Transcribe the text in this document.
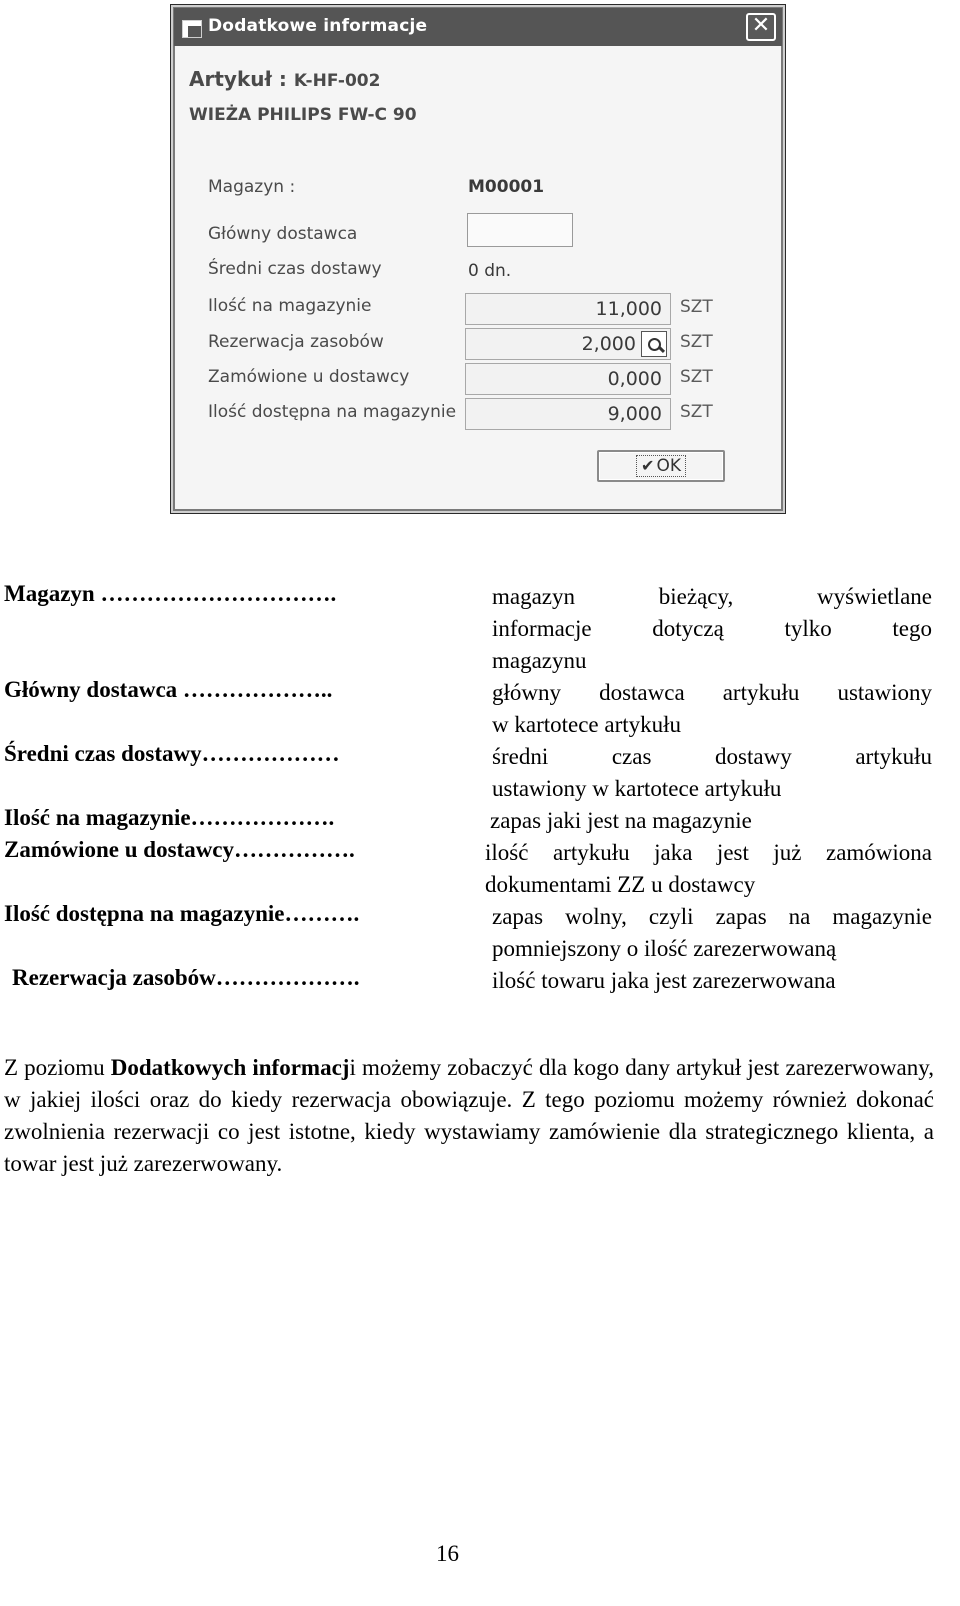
Dodatkowe informacje	✕
Artykuł : K-HF-002
WIEŻA PHILIPS FW-C 90
Magazyn :	M00001
Główny dostawca
Średni czas dostawy	0 dn.
Ilość na magazynie	11,000	SZT
Rezerwacja zasobów	2,000	SZT
Zamówione u dostawcy	0,000	SZT
Ilość dostępna na magazynie	9,000	SZT
✔ OK
Magazyn ………………………….	magazyn bieżący, wyświetlane
informacje dotyczą tylko tego
magazynu
Główny dostawca ………………..	główny dostawca artykułu ustawiony
w kartotece artykułu
Średni czas dostawy………………	średni czas dostawy artykułu
ustawiony w kartotece artykułu
Ilość na magazynie……………….	zapas jaki jest na magazynie
Zamówione u dostawcy…………….	ilość artykułu jaka jest już zamówiona
dokumentami ZZ u dostawcy
Ilość dostępna na magazynie……….	zapas wolny, czyli zapas na magazynie
pomniejszony o ilość zarezerwowaną
Rezerwacja zasobów……………….	ilość towaru jaka jest zarezerwowana

Z poziomu Dodatkowych informacji możemy zobaczyć dla kogo dany artykuł jest zarezerwowany, w jakiej ilości oraz do kiedy rezerwacja obowiązuje. Z tego poziomu możemy również dokonać zwolnienia rezerwacji co jest istotne, kiedy wystawiamy zamówienie dla strategicznego klienta, a towar jest już zarezerwowany.

16
